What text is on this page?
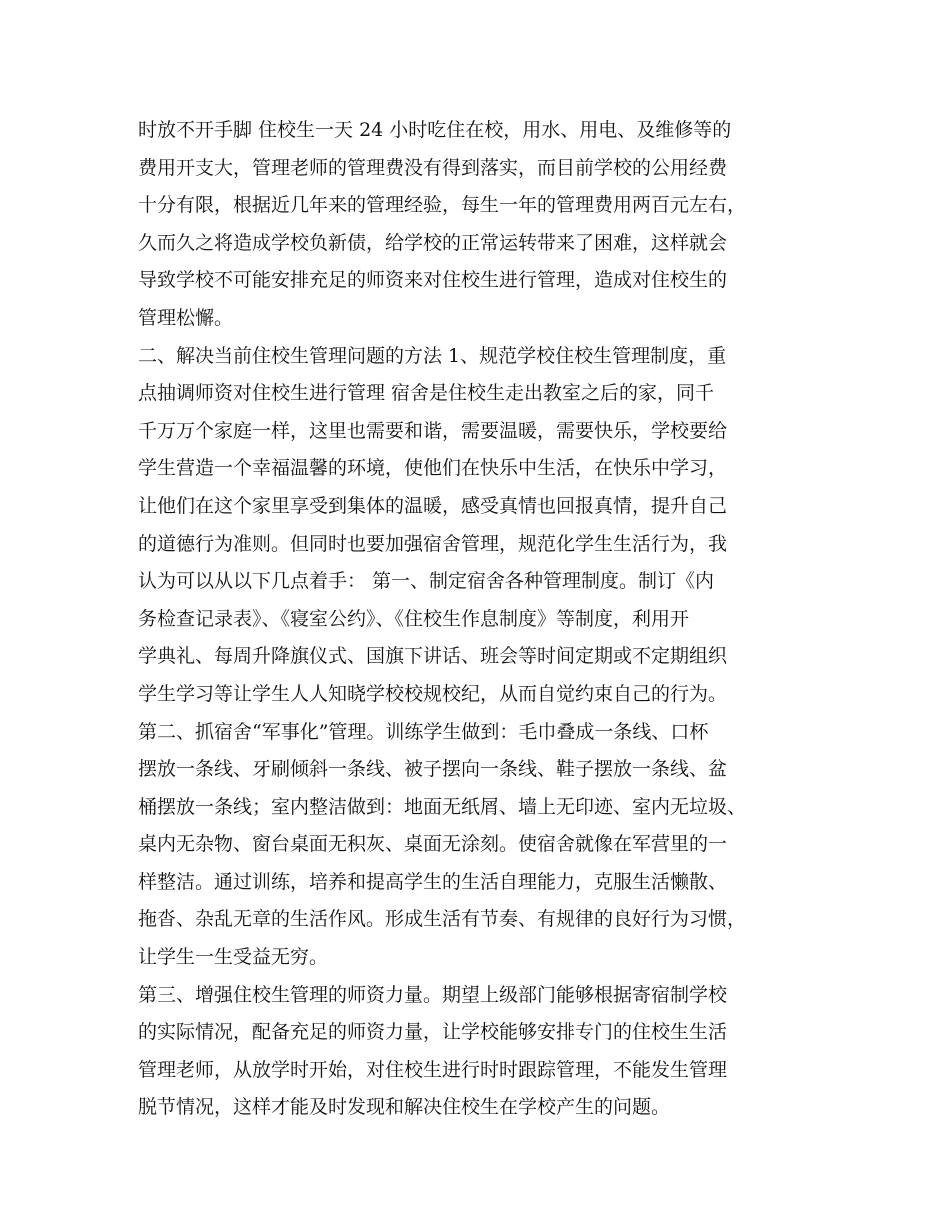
时放不开手脚 住校生一天 24 小时吃住在校，用水、用电、及维修等的
费用开支大，管理老师的管理费没有得到落实，而目前学校的公用经费
十分有限，根据近几年来的管理经验，每生一年的管理费用两百元左右，
久而久之将造成学校负新债，给学校的正常运转带来了困难，这样就会
导致学校不可能安排充足的师资来对住校生进行管理，造成对住校生的
管理松懈。
二、解决当前住校生管理问题的方法 1、规范学校住校生管理制度，重
点抽调师资对住校生进行管理 宿舍是住校生走出教室之后的家，同千
千万万个家庭一样，这里也需要和谐，需要温暖，需要快乐，学校要给
学生营造一个幸福温馨的环境，使他们在快乐中生活，在快乐中学习，
让他们在这个家里享受到集体的温暖，感受真情也回报真情，提升自己
的道德行为准则。但同时也要加强宿舍管理，规范化学生生活行为，我
认为可以从以下几点着手： 第一、制定宿舍各种管理制度。制订《内
务检查记录表》、《寝室公约》、《住校生作息制度》等制度，利用开
学典礼、每周升降旗仪式、国旗下讲话、班会等时间定期或不定期组织
学生学习等让学生人人知晓学校校规校纪，从而自觉约束自己的行为。
第二、抓宿舍“军事化”管理。训练学生做到：毛巾叠成一条线、口杯
摆放一条线、牙刷倾斜一条线、被子摆向一条线、鞋子摆放一条线、盆
桶摆放一条线；室内整洁做到：地面无纸屑、墙上无印迹、室内无垃圾、
桌内无杂物、窗台桌面无积灰、桌面无涂刻。使宿舍就像在军营里的一
样整洁。通过训练，培养和提高学生的生活自理能力，克服生活懒散、
拖沓、杂乱无章的生活作风。形成生活有节奏、有规律的良好行为习惯，
让学生一生受益无穷。
第三、增强住校生管理的师资力量。期望上级部门能够根据寄宿制学校
的实际情况，配备充足的师资力量，让学校能够安排专门的住校生生活
管理老师，从放学时开始，对住校生进行时时跟踪管理，不能发生管理
脱节情况，这样才能及时发现和解决住校生在学校产生的问题。
